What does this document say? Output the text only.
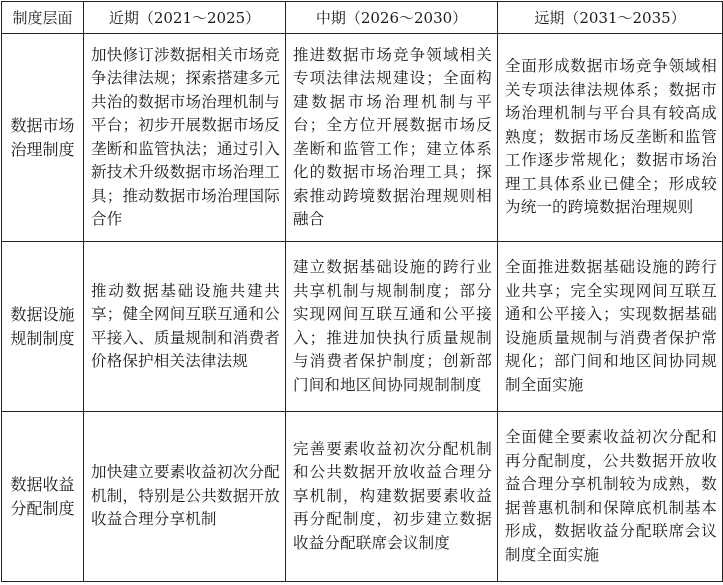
制度层面	近期（2021～2025）	中期（2026～2030）	远期（2031～2035）

数据市场治理制度	加快修订涉数据相关市场竞争法律法规；探索搭建多元共治的数据市场治理机制与平台；初步开展数据市场反垄断和监管执法；通过引入新技术升级数据市场治理工具；推动数据市场治理国际合作	推进数据市场竞争领域相关专项法律法规建设；全面构建数据市场治理机制与平台；全方位开展数据市场反垄断和监管工作；建立体系化的数据市场治理工具；探索推动跨境数据治理规则相融合	全面形成数据市场竞争领域相关专项法律法规体系；数据市场治理机制与平台具有较高成熟度；数据市场反垄断和监管工作逐步常规化；数据市场治理工具体系业已健全；形成较为统一的跨境数据治理规则

数据设施规制制度	推动数据基础设施共建共享；健全网间互联互通和公平接入、质量规制和消费者价格保护相关法律法规	建立数据基础设施的跨行业共享机制与规制制度；部分实现网间互联互通和公平接入；推进加快执行质量规制与消费者保护制度；创新部门间和地区间协同规制制度	全面推进数据基础设施的跨行业共享；完全实现网间互联互通和公平接入；实现数据基础设施质量规制与消费者保护常规化；部门间和地区间协同规制全面实施

数据收益分配制度	加快建立要素收益初次分配机制，特别是公共数据开放收益合理分享机制	完善要素收益初次分配机制和公共数据开放收益合理分享机制，构建数据要素收益再分配制度，初步建立数据收益分配联席会议制度	全面健全要素收益初次分配和再分配制度，公共数据开放收益合理分享机制较为成熟，数据普惠机制和保障底机制基本形成，数据收益分配联席会议制度全面实施
